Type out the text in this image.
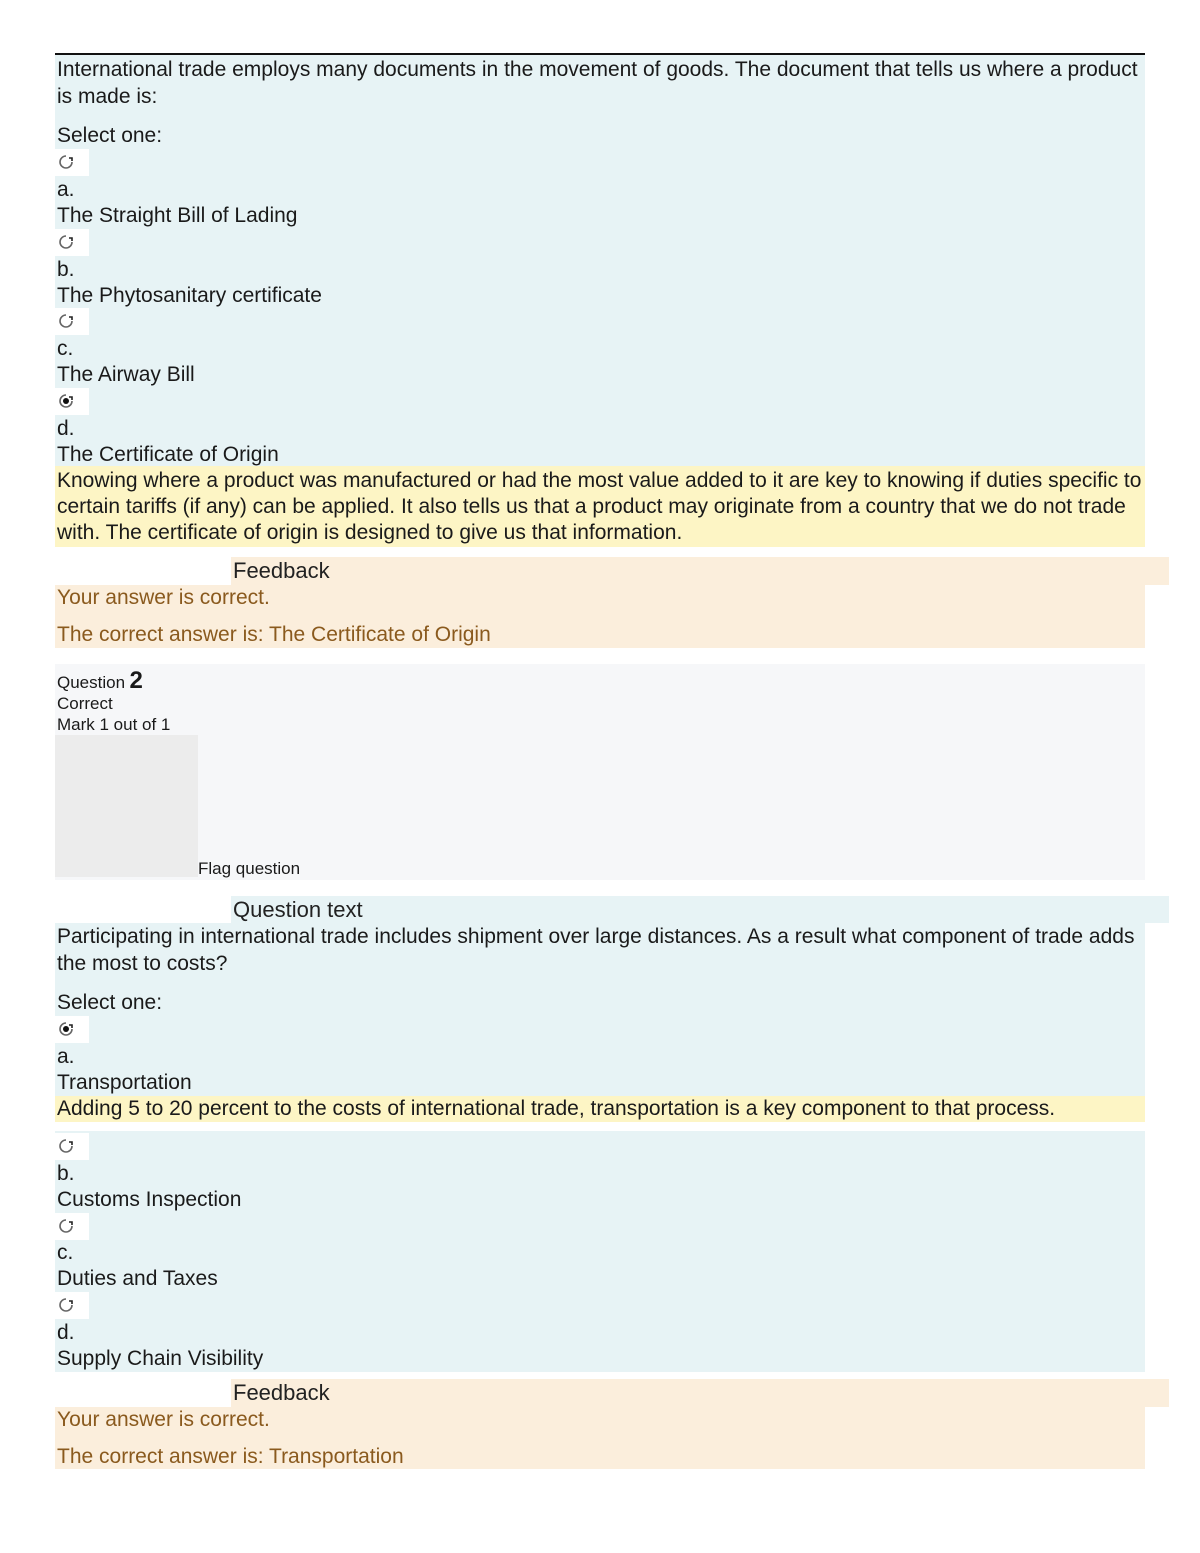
International trade employs many documents in the movement of goods. The document that tells us where a product is made is:
Select one:
a.
The Straight Bill of Lading
b.
The Phytosanitary certificate
c.
The Airway Bill
d.
The Certificate of Origin
Knowing where a product was manufactured or had the most value added to it are key to knowing if duties specific to certain tariffs (if any) can be applied. It also tells us that a product may originate from a country that we do not trade with. The certificate of origin is designed to give us that information.
Feedback
Your answer is correct.
The correct answer is: The Certificate of Origin
Question 2
Correct
Mark 1 out of 1
Flag question
Question text
Participating in international trade includes shipment over large distances. As a result what component of trade adds the most to costs?
Select one:
a.
Transportation
Adding 5 to 20 percent to the costs of international trade, transportation is a key component to that process.
b.
Customs Inspection
c.
Duties and Taxes
d.
Supply Chain Visibility
Feedback
Your answer is correct.
The correct answer is: Transportation
